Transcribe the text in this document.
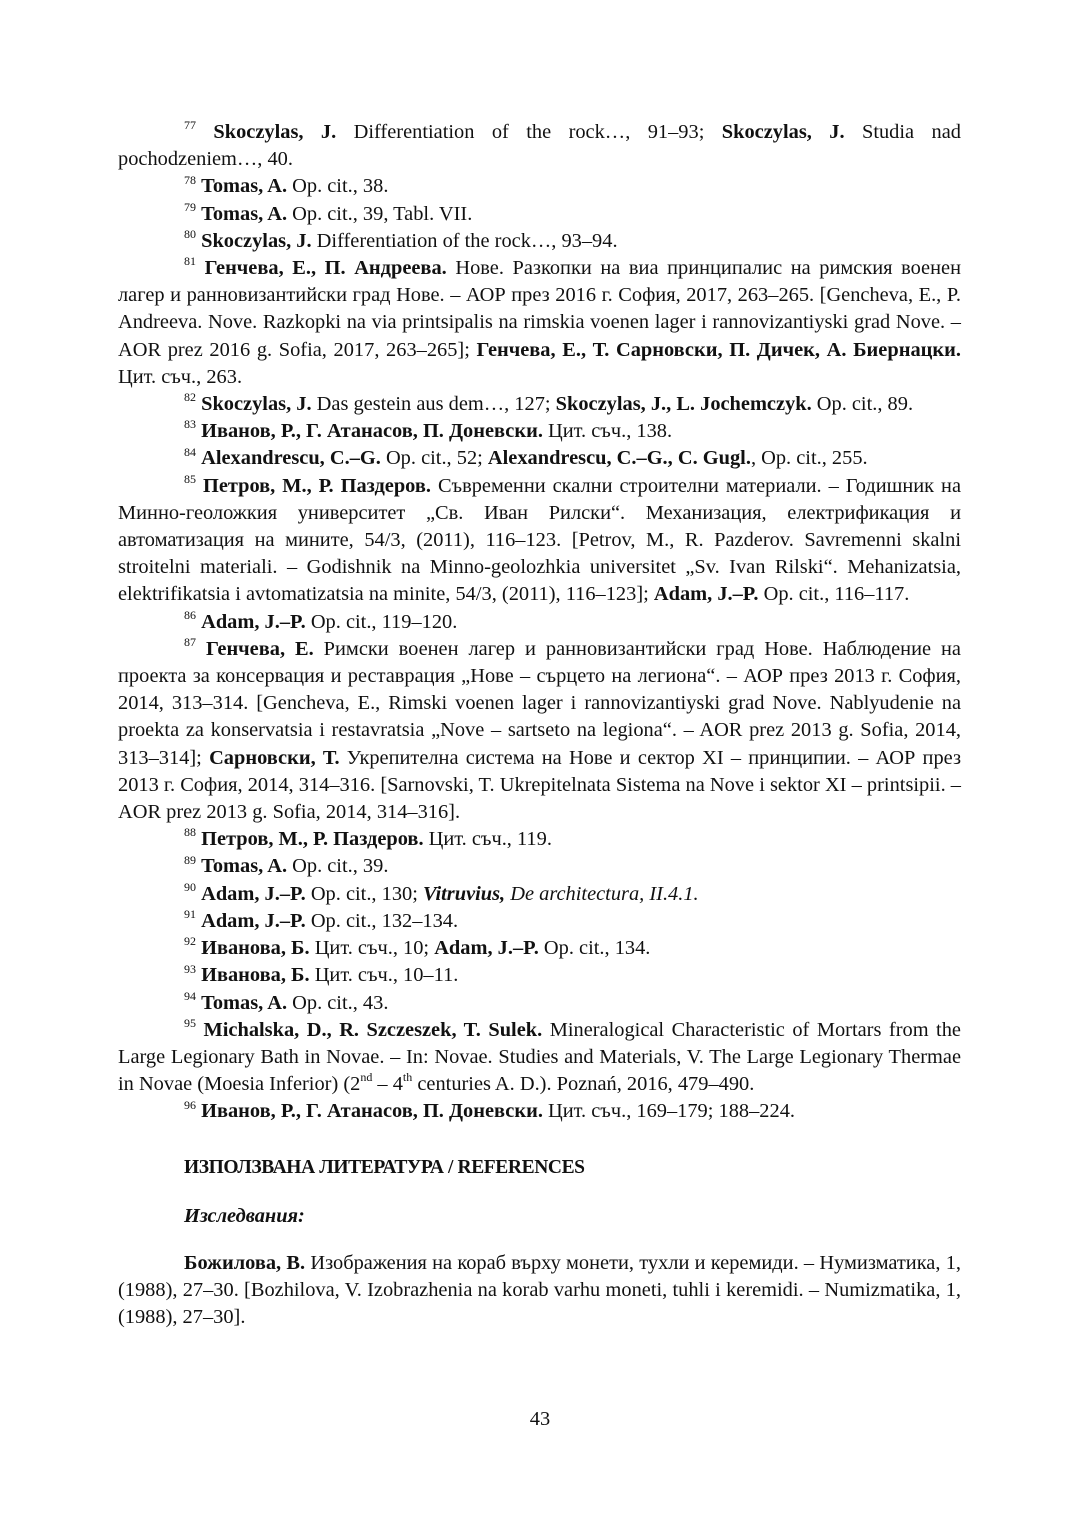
$^{77}$ Skoczylas, J. Differentiation of the rock…, 91–93; Skoczylas, J. Studia nad pochodzeniem…, 40.

$^{78}$ Tomas, A. Op. cit., 38.

$^{79}$ Tomas, A. Op. cit., 39, Tabl. VII.

$^{80}$ Skoczylas, J. Differentiation of the rock…, 93–94.

$^{81}$ Генчева, Е., П. Андреева. Нове. Разкопки на виа принципалис на римския военен лагер и ранновизантийски град Нове. – АОР през 2016 г. София, 2017, 263–265. [Gencheva, E., P. Andreeva. Nove. Razkopki na via printsipalis na rimskia voenen lager i rannovizantiyski grad Nove. – AOR prez 2016 g. Sofia, 2017, 263–265]; Генчева, Е., Т. Сарновски, П. Дичек, А. Биернацки. Цит. съч., 263.

$^{82}$ Skoczylas, J. Das gestein aus dem…, 127; Skoczylas, J., L. Jochemczyk. Op. cit., 89.

$^{83}$ Иванов, Р., Г. Атанасов, П. Доневски. Цит. съч., 138.

$^{84}$ Alexandrescu, C.–G. Op. cit., 52; Alexandrescu, C.–G., C. Gugl., Op. cit., 255.

$^{85}$ Петров, М., Р. Паздеров. Съвременни скални строителни материали. – Годишник на Минно-геоложкия университет „Св. Иван Рилски“. Механизация, електрификация и автоматизация на мините, 54/3, (2011), 116–123. [Petrov, M., R. Pazderov. Savremenni skalni stroitelni materiali. – Godishnik na Minno-geolozhkia universitet „Sv. Ivan Rilski“. Mehanizatsia, elektrifikatsia i avtomatizatsia na minite, 54/3, (2011), 116–123]; Adam, J.–P. Op. cit., 116–117.

$^{86}$ Adam, J.–P. Op. cit., 119–120.

$^{87}$ Генчева, Е. Римски военен лагер и ранновизантийски град Нове. Наблюдение на проекта за консервация и реставрация „Нове – сърцето на легиона“. – АОР през 2013 г. София, 2014, 313–314. [Gencheva, E., Rimski voenen lager i rannovizantiyski grad Nove. Nablyudenie na proekta za konservatsia i restavratsia „Nove – sartseto na legiona“. – AOR prez 2013 g. Sofia, 2014, 313–314]; Сарновски, Т. Укрепителна система на Нове и сектор XI – принципии. – АОР през 2013 г. София, 2014, 314–316. [Sarnovski, T. Ukrepitelnata Sistema na Nove i sektor XI – printsipii. – AOR prez 2013 g. Sofia, 2014, 314–316].

$^{88}$ Петров, М., Р. Паздеров. Цит. съч., 119.

$^{89}$ Tomas, A. Op. cit., 39.

$^{90}$ Adam, J.–P. Op. cit., 130; Vitruvius, De architectura, II.4.1.

$^{91}$ Adam, J.–P. Op. cit., 132–134.

$^{92}$ Иванова, Б. Цит. съч., 10; Adam, J.–P. Op. cit., 134.

$^{93}$ Иванова, Б. Цит. съч., 10–11.

$^{94}$ Tomas, A. Op. cit., 43.

$^{95}$ Michalska, D., R. Szczeszek, T. Sulek. Mineralogical Characteristic of Mortars from the Large Legionary Bath in Novae. – In: Novae. Studies and Materials, V. The Large Legionary Thermae in Novae (Moesia Inferior) (2nd – 4th centuries A. D.). Poznań, 2016, 479–490.

$^{96}$ Иванов, Р., Г. Атанасов, П. Доневски. Цит. съч., 169–179; 188–224.

ИЗПОЛЗВАНА ЛИТЕРАТУРА / REFERENCES

Изследвания:

Божилова, В. Изображения на кораб върху монети, тухли и керемиди. – Нумизматика, 1, (1988), 27–30. [Bozhilova, V. Izobrazhenia na korab varhu moneti, tuhli i keremidi. – Numizmatika, 1, (1988), 27–30].

43
